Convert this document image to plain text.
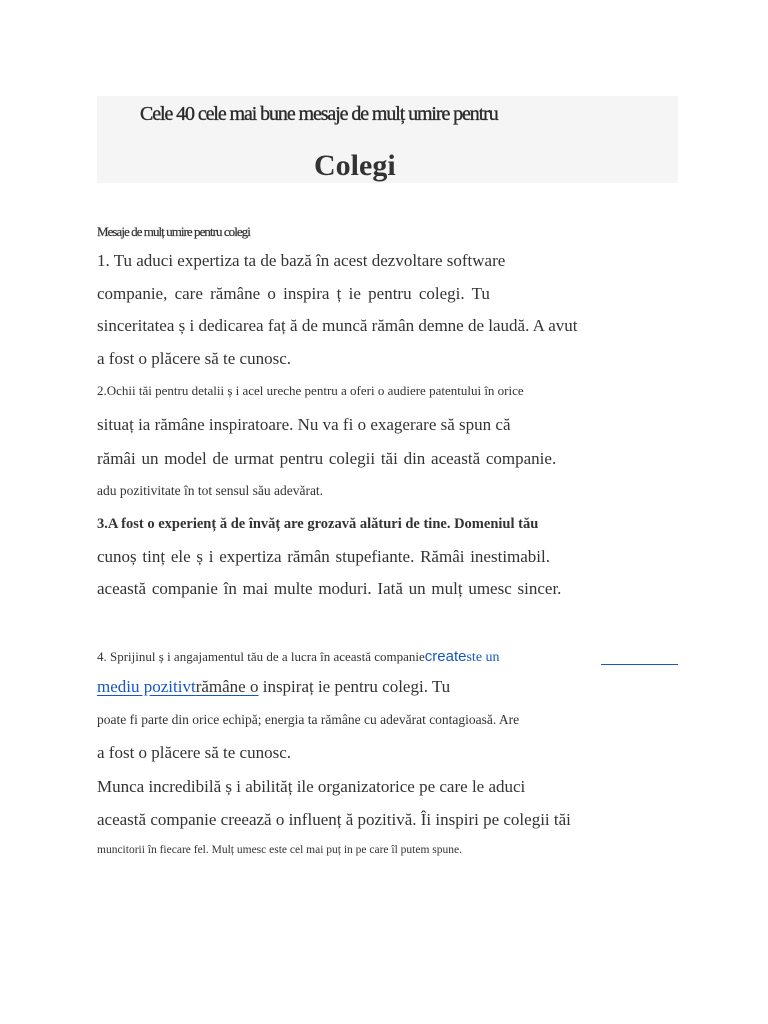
Cele 40 cele mai bune mesaje de mulț umire pentru
Colegi
Mesaje de mulț umire pentru colegi
1. Tu aduci expertiza ta de bază în acest dezvoltare software
companie, care rămâne o inspira ț ie pentru colegi. Tu
sinceritatea ș i dedicarea faț ă de muncă rămân demne de laudă. A avut
a fost o plăcere să te cunosc.
2.Ochii tăi pentru detalii ș i acel ureche pentru a oferi o audiere patentului în orice
situaț ia rămâne inspiratoare. Nu va fi o exagerare să spun că
rămâi un model de urmat pentru colegii tăi din această companie.
adu pozitivitate în tot sensul său adevărat.
3.A fost o experienț ă de învăț are grozavă alături de tine. Domeniul tău
cunoș tinț ele ș i expertiza rămân stupefiante. Rămâi inestimabil.
această companie în mai multe moduri. Iată un mulț umesc sincer.
4. Sprijinul ș i angajamentul tău de a lucra în această companiecreateste un
mediu pozitivtrămâne o inspiraț ie pentru colegi. Tu
poate fi parte din orice echipă; energia ta rămâne cu adevărat contagioasă. Are
a fost o plăcere să te cunosc.
Munca incredibilă ș i abilităț ile organizatorice pe care le aduci
această companie creează o influenț ă pozitivă. Îi inspiri pe colegii tăi
muncitorii în fiecare fel. Mulț umesc este cel mai puț in pe care îl putem spune.
